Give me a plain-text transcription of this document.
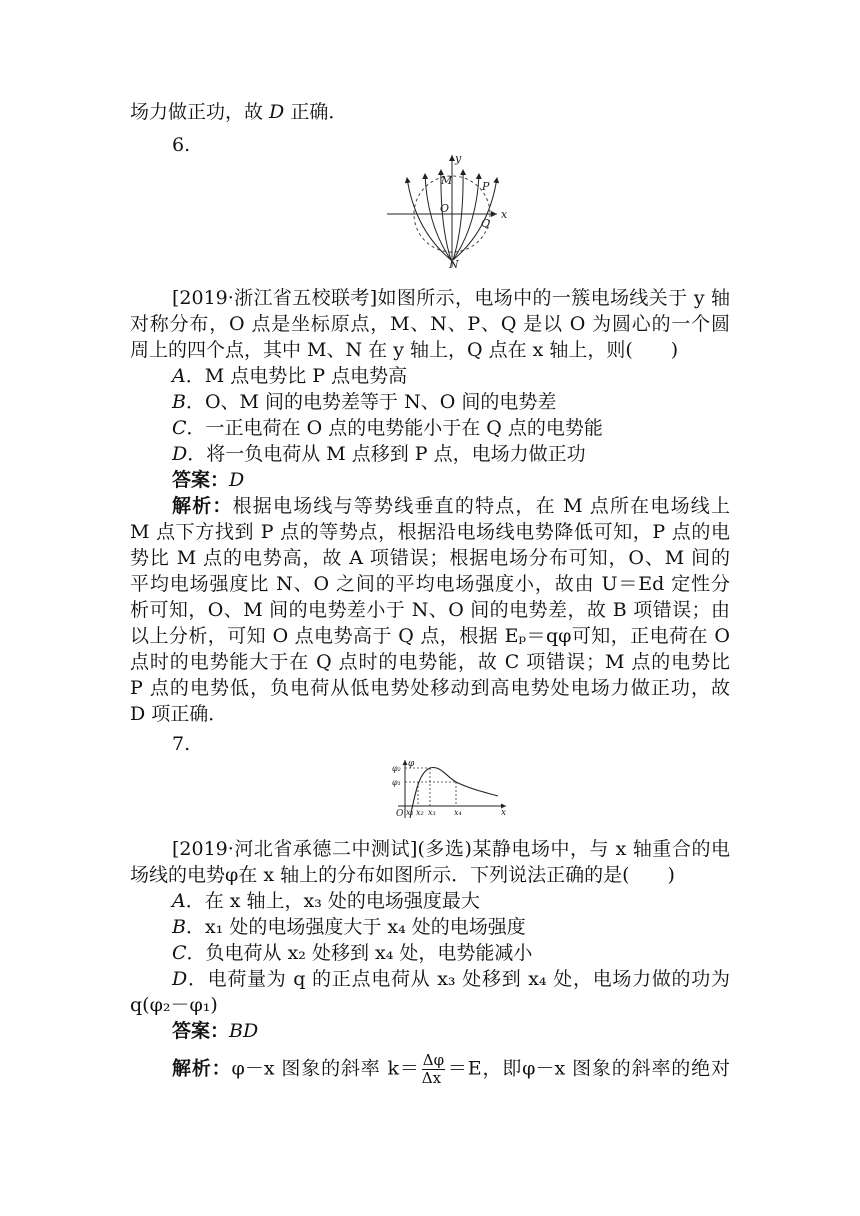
场力做正功，故 D 正确．
6.
y
x
O
M
N
P
Q
[2019·浙江省五校联考]如图所示，电场中的一簇电场线关于 y 轴
对称分布，O 点是坐标原点，M、N、P、Q 是以 O 为圆心的一个圆
周上的四个点，其中 M、N 在 y 轴上，Q 点在 x 轴上，则(　　)
A．M 点电势比 P 点电势高
B．O、M 间的电势差等于 N、O 间的电势差
C．一正电荷在 O 点的电势能小于在 Q 点的电势能
D．将一负电荷从 M 点移到 P 点，电场力做正功
答案：D
解析：根据电场线与等势线垂直的特点，在 M 点所在电场线上
M 点下方找到 P 点的等势点，根据沿电场线电势降低可知，P 点的电
势比 M 点的电势高，故 A 项错误；根据电场分布可知，O、M 间的
平均电场强度比 N、O 之间的平均电场强度小，故由 U＝Ed 定性分
析可知，O、M 间的电势差小于 N、O 间的电势差，故 B 项错误；由
以上分析，可知 O 点电势高于 Q 点，根据 Eₚ＝qφ可知，正电荷在 O
点时的电势能大于在 Q 点时的电势能，故 C 项错误；M 点的电势比
P 点的电势低，负电荷从低电势处移动到高电势处电场力做正功，故
D 项正确．
7.
φ
φ₂
φ₁
O x₁ x₂ x₃ x₄	x
[2019·河北省承德二中测试](多选)某静电场中，与 x 轴重合的电
场线的电势φ在 x 轴上的分布如图所示．下列说法正确的是(　　)
A．在 x 轴上，x₃ 处的电场强度最大
B．x₁ 处的电场强度大于 x₄ 处的电场强度
C．负电荷从 x₂ 处移到 x₄ 处，电势能减小
D．电荷量为 q 的正点电荷从 x₃ 处移到 x₄ 处，电场力做的功为
q(φ₂－φ₁)
答案：BD
解析：φ－x 图象的斜率 $k= \frac{\Delta\varphi}{\Delta x} =E$，即φ－x 图象的斜率的绝对
